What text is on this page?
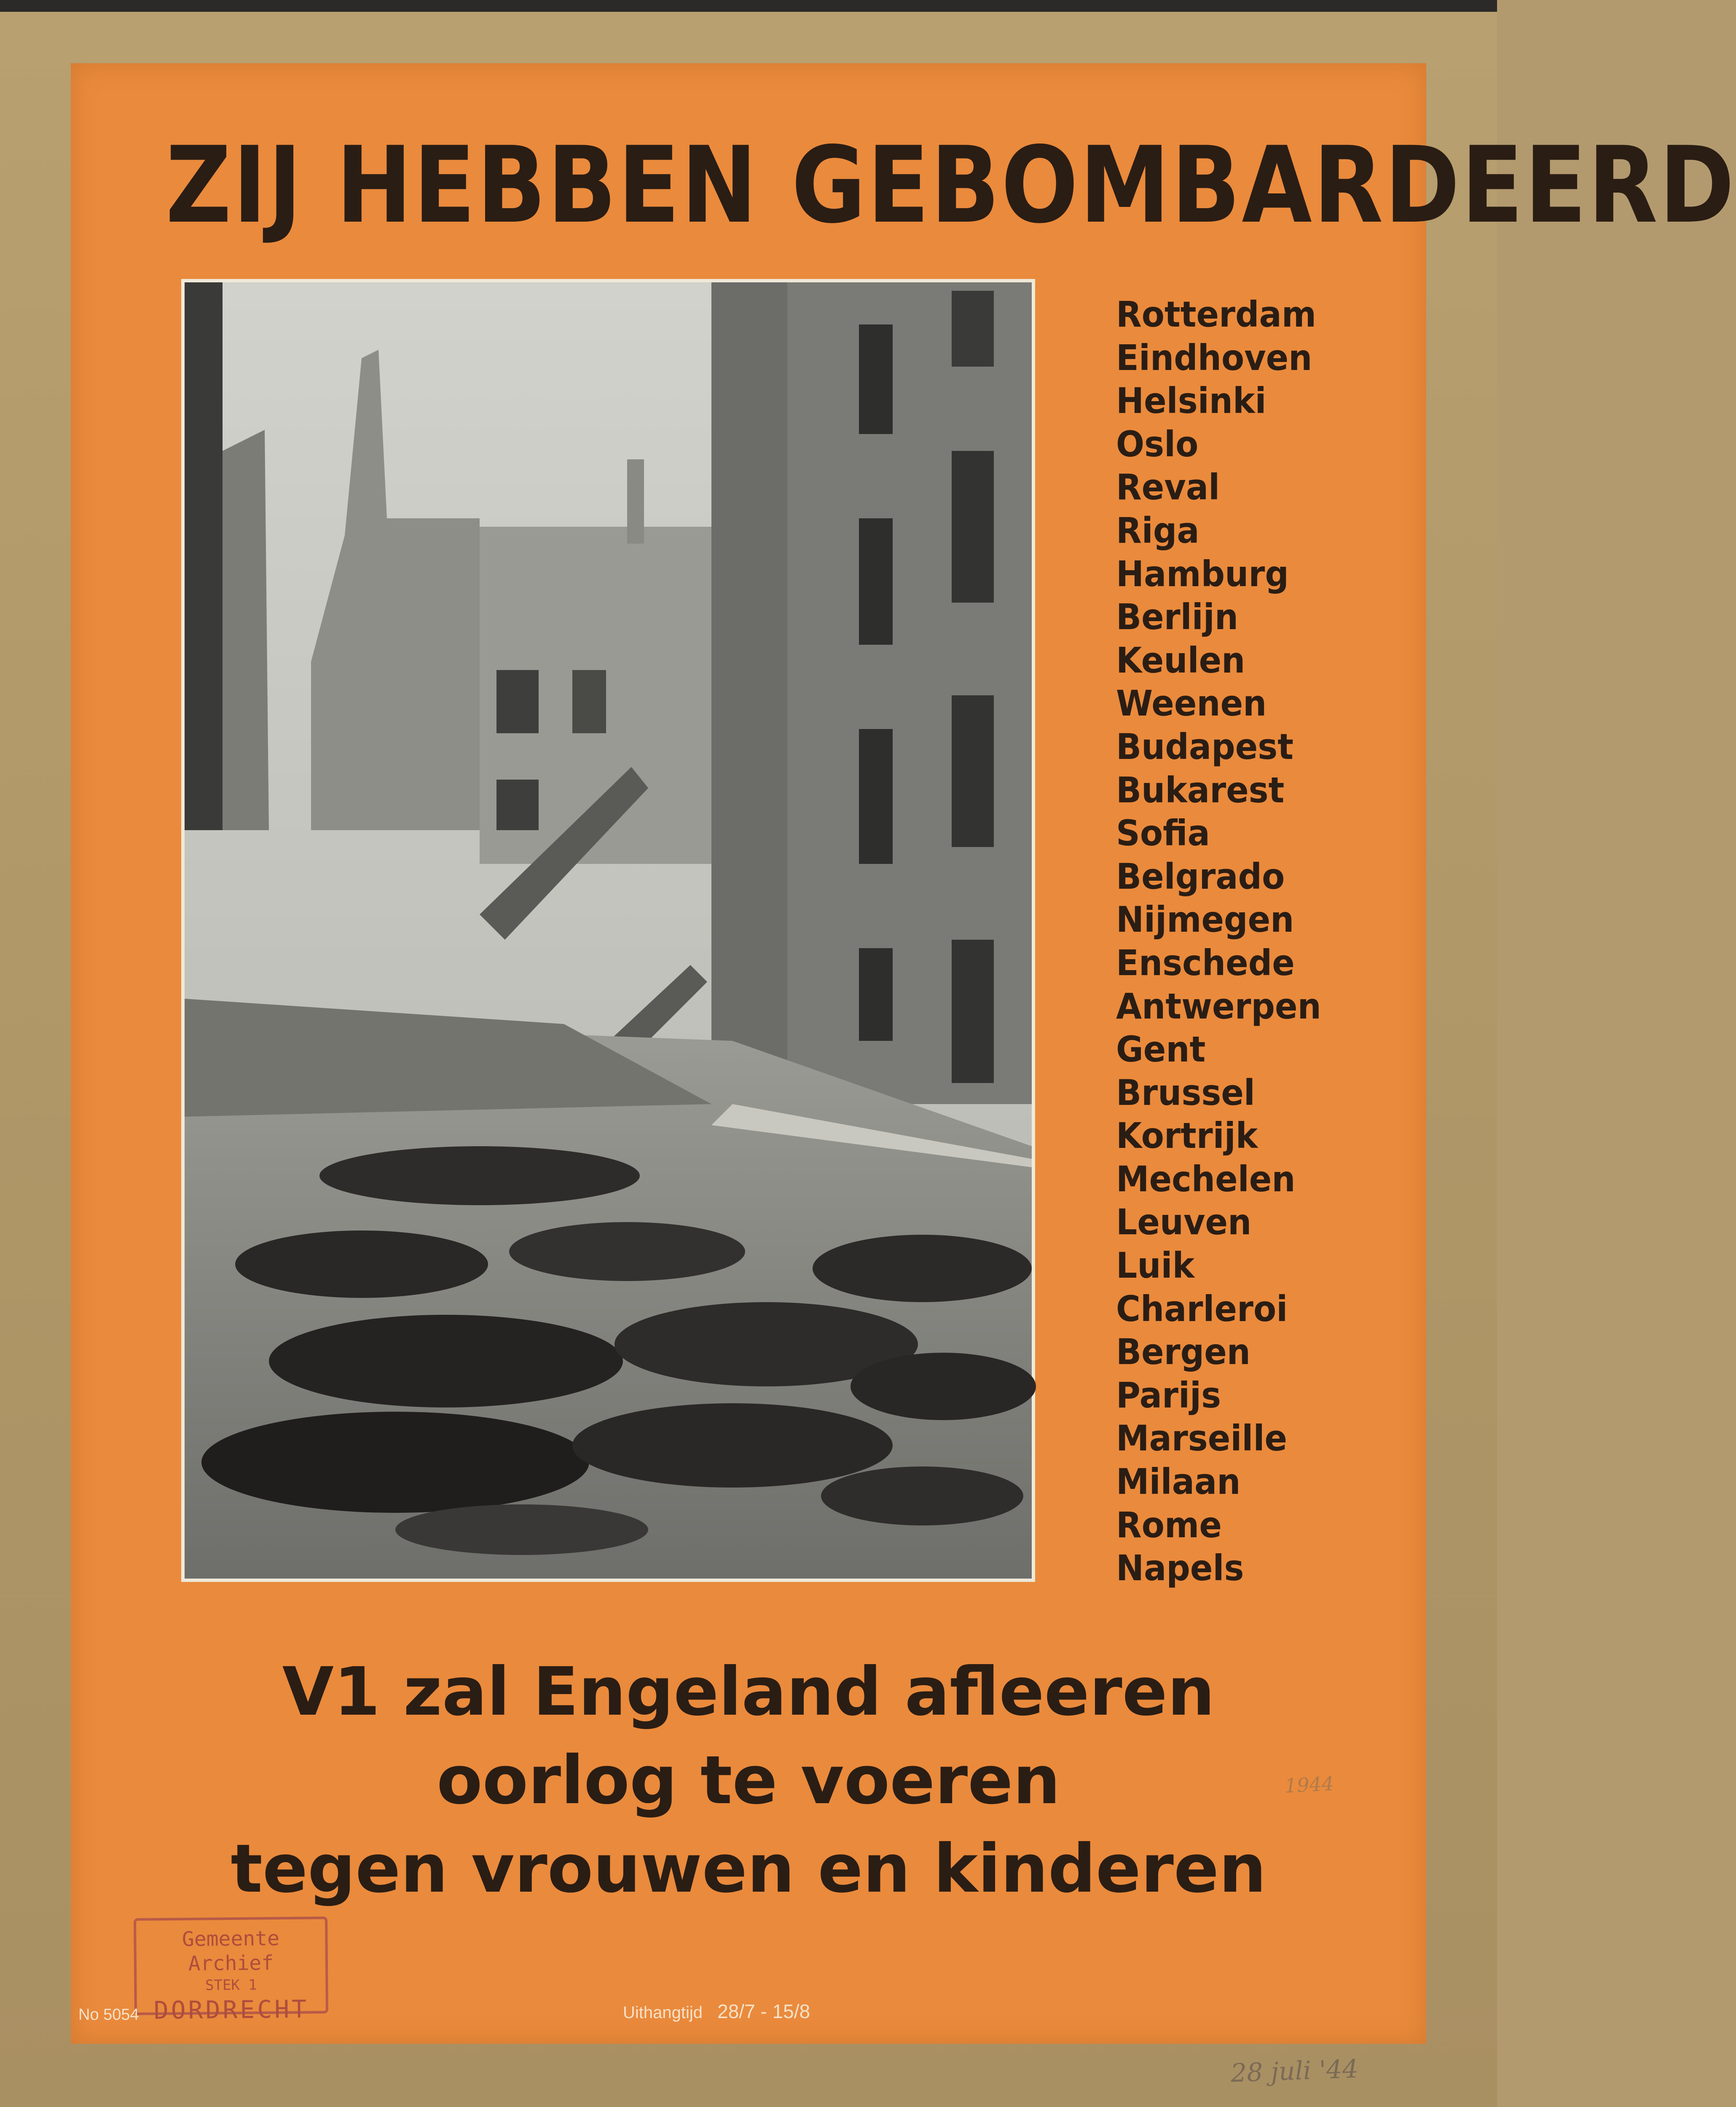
ZIJ HEBBEN GEBOMBARDEERD
Rotterdam
Eindhoven
Helsinki
Oslo
Reval
Riga
Hamburg
Berlijn
Keulen
Weenen
Budapest
Bukarest
Sofia
Belgrado
Nijmegen
Enschede
Antwerpen
Gent
Brussel
Kortrijk
Mechelen
Leuven
Luik
Charleroi
Bergen
Parijs
Marseille
Milaan
Rome
Napels
V1 zal Engeland afleeren
oorlog te voeren
tegen vrouwen en kinderen
Gemeente Archief
STEK 1
DORDRECHT
No 5054	Uithangtijd 28/7 - 15/8
1944
28 juli '44
